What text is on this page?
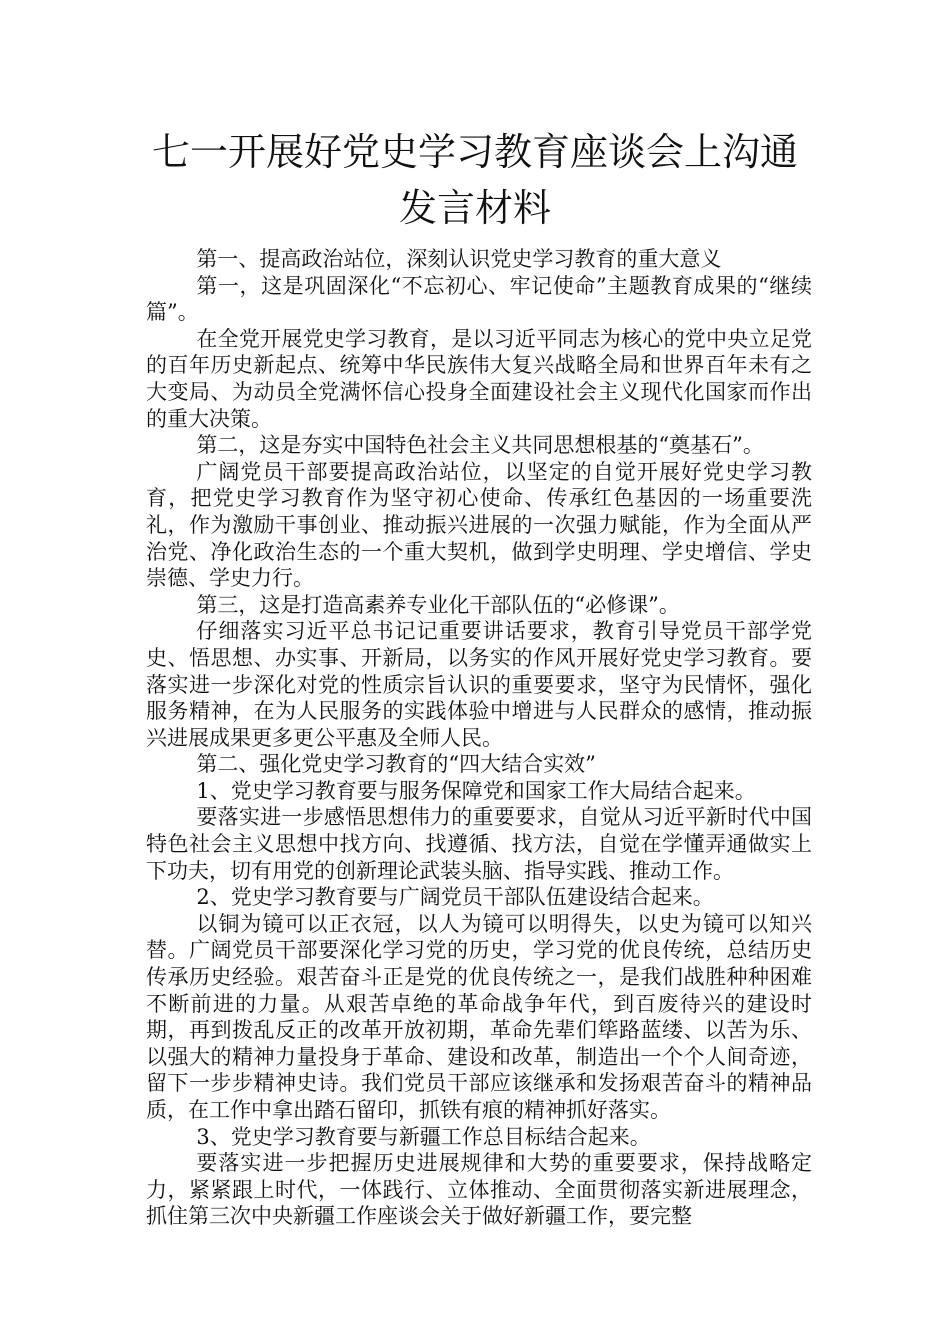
七一开展好党史学习教育座谈会上沟通发言材料

第一、提高政治站位，深刻认识党史学习教育的重大意义

第一，这是巩固深化“不忘初心、牢记使命”主题教育成果的“继续篇”。

在全党开展党史学习教育，是以习近平同志为核心的党中央立足党的百年历史新起点、统筹中华民族伟大复兴战略全局和世界百年未有之大变局、为动员全党满怀信心投身全面建设社会主义现代化国家而作出的重大决策。

第二，这是夯实中国特色社会主义共同思想根基的“奠基石”。

广阔党员干部要提高政治站位，以坚定的自觉开展好党史学习教育，把党史学习教育作为坚守初心使命、传承红色基因的一场重要洗礼，作为激励干事创业、推动振兴进展的一次强力赋能，作为全面从严治党、净化政治生态的一个重大契机，做到学史明理、学史增信、学史崇德、学史力行。

第三，这是打造高素养专业化干部队伍的“必修课”。

仔细落实习近平总书记记重要讲话要求，教育引导党员干部学党史、悟思想、办实事、开新局，以务实的作风开展好党史学习教育。要落实进一步深化对党的性质宗旨认识的重要要求，坚守为民情怀，强化服务精神，在为人民服务的实践体验中增进与人民群众的感情，推动振兴进展成果更多更公平惠及全师人民。

第二、强化党史学习教育的“四大结合实效”

1、党史学习教育要与服务保障党和国家工作大局结合起来。

要落实进一步感悟思想伟力的重要要求，自觉从习近平新时代中国特色社会主义思想中找方向、找遵循、找方法，自觉在学懂弄通做实上下功夫，切有用党的创新理论武装头脑、指导实践、推动工作。

2、党史学习教育要与广阔党员干部队伍建设结合起来。

以铜为镜可以正衣冠，以人为镜可以明得失，以史为镜可以知兴替。广阔党员干部要深化学习党的历史，学习党的优良传统，总结历史传承历史经验。艰苦奋斗正是党的优良传统之一，是我们战胜种种困难不断前进的力量。从艰苦卓绝的革命战争年代，到百废待兴的建设时期，再到拨乱反正的改革开放初期，革命先辈们筚路蓝缕、以苦为乐、以强大的精神力量投身于革命、建设和改革，制造出一个个人间奇迹，留下一步步精神史诗。我们党员干部应该继承和发扬艰苦奋斗的精神品质，在工作中拿出踏石留印，抓铁有痕的精神抓好落实。

3、党史学习教育要与新疆工作总目标结合起来。

要落实进一步把握历史进展规律和大势的重要要求，保持战略定力，紧紧跟上时代，一体践行、立体推动、全面贯彻落实新进展理念，抓住第三次中央新疆工作座谈会关于做好新疆工作，要完整
